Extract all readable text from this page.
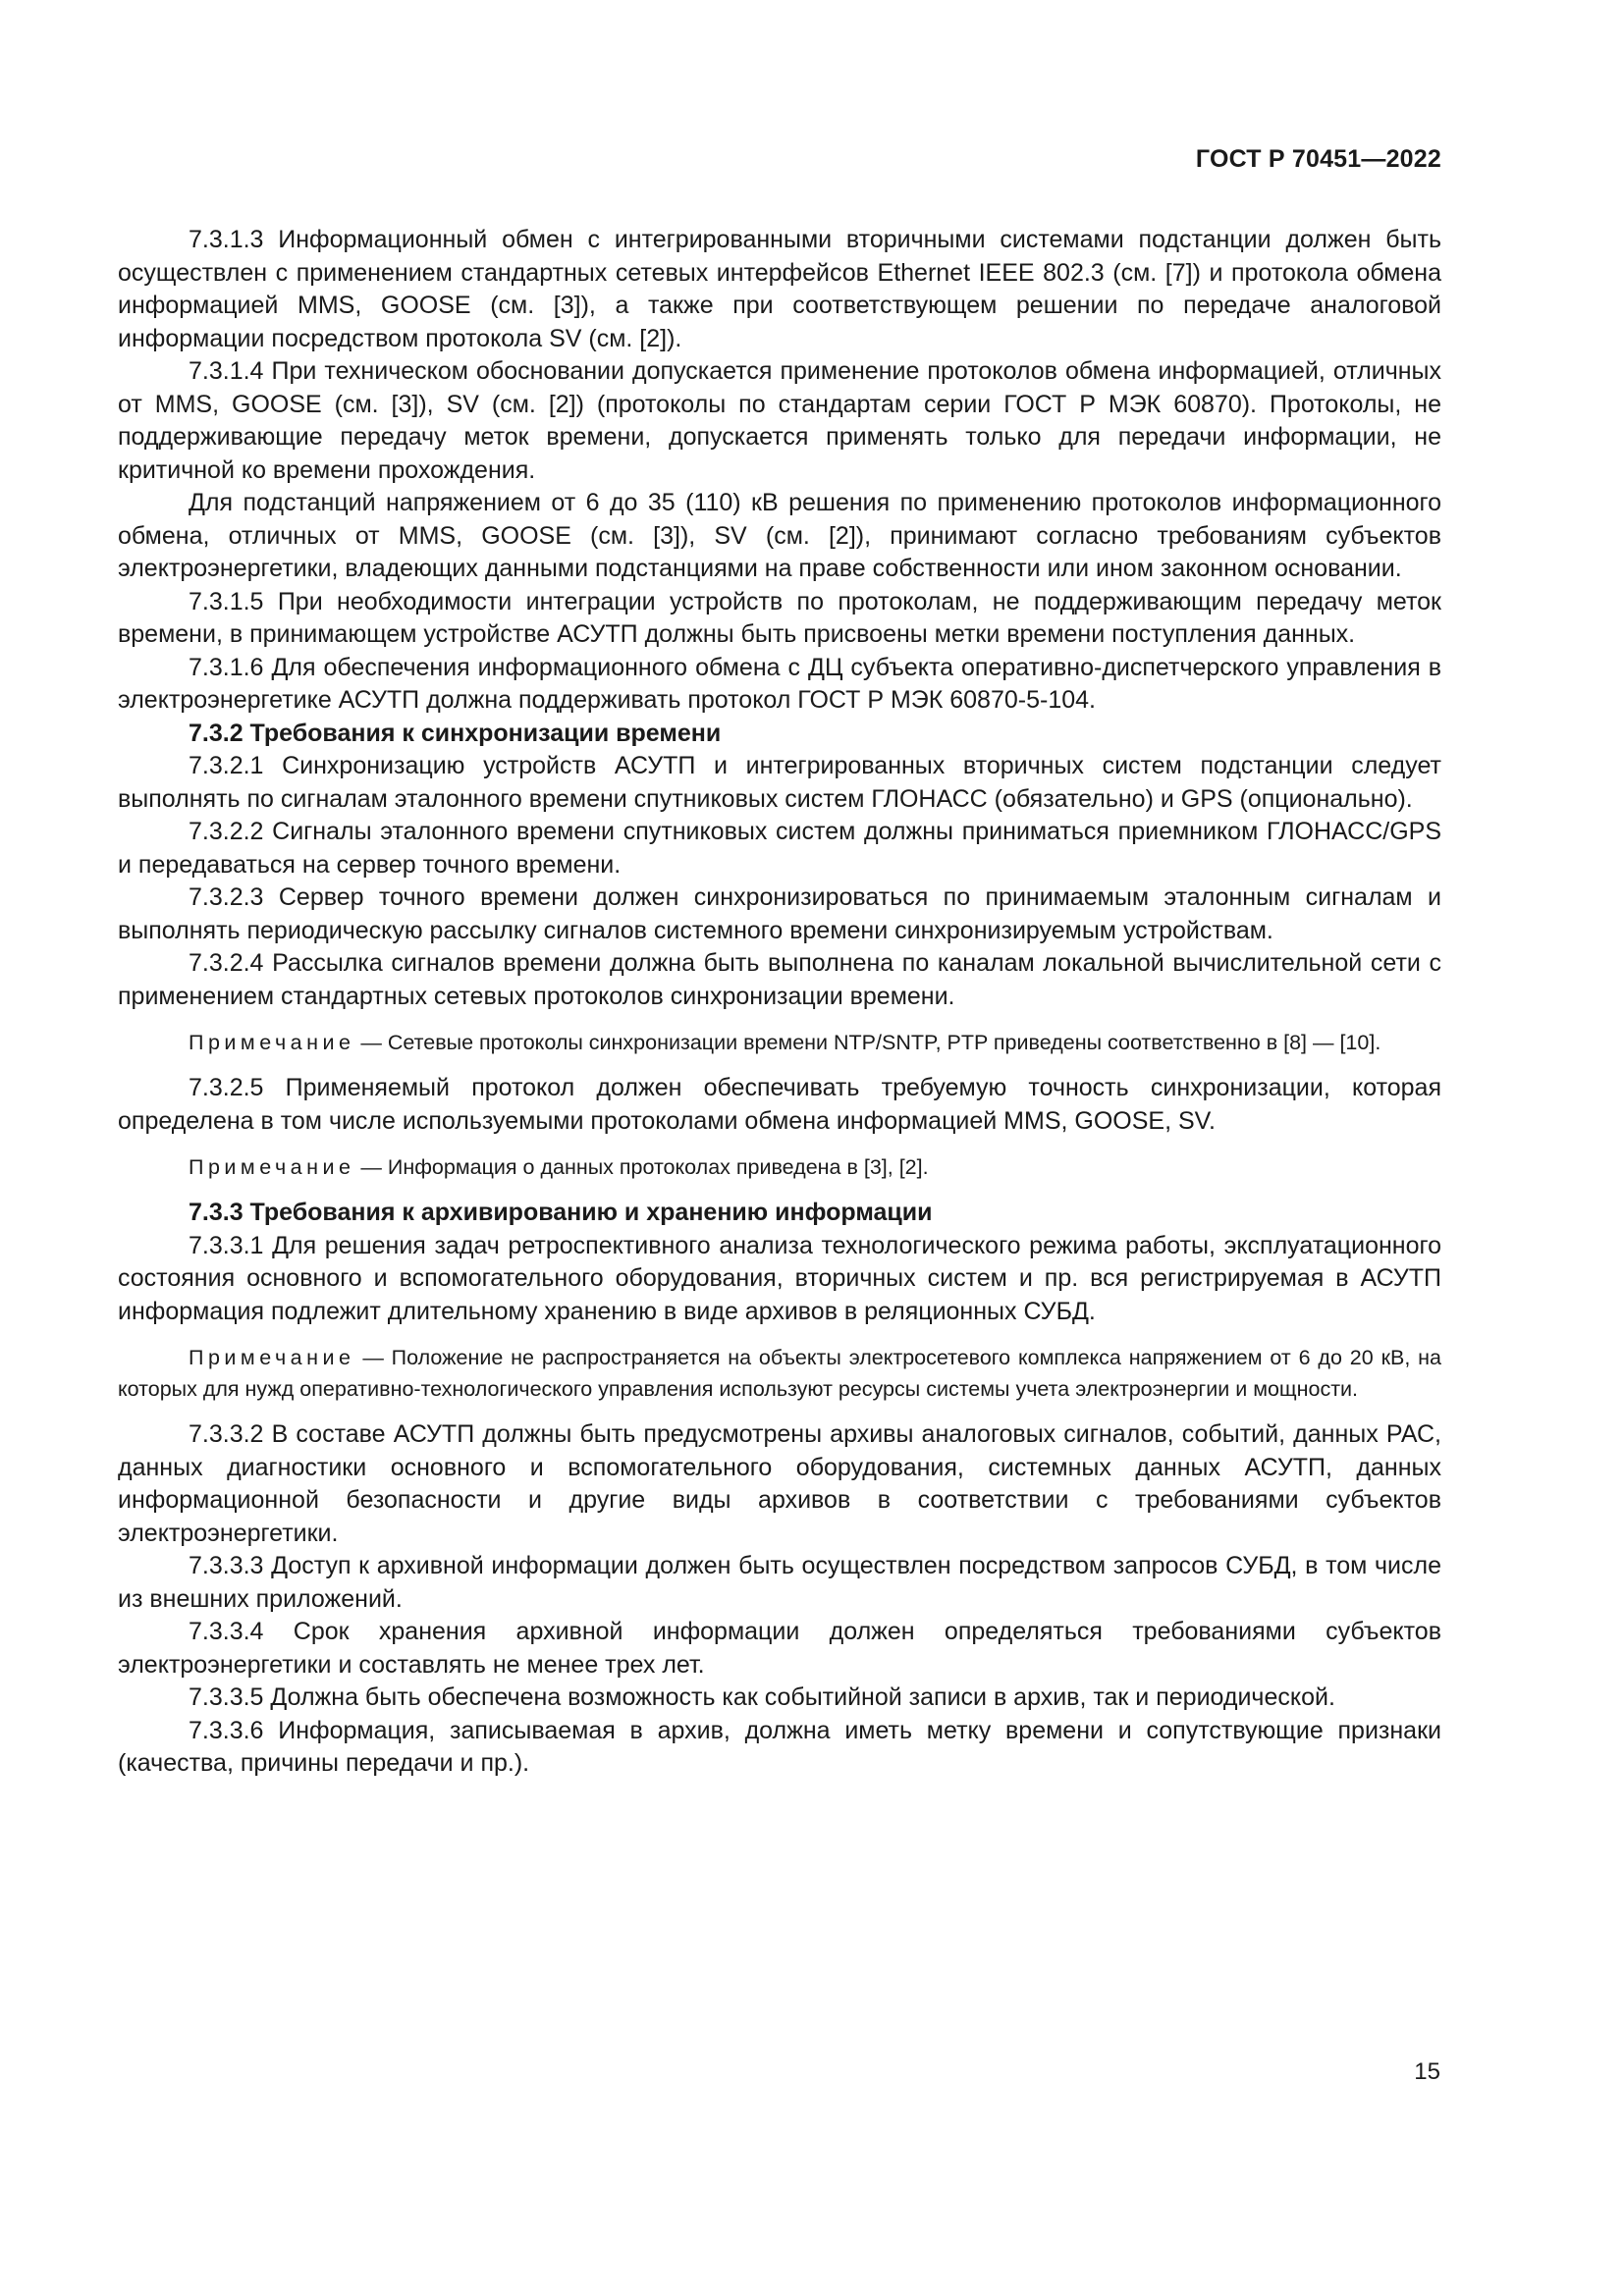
ГОСТ Р 70451—2022

7.3.1.3 Информационный обмен с интегрированными вторичными системами подстанции должен быть осуществлен с применением стандартных сетевых интерфейсов Ethernet IEEE 802.3 (см. [7]) и протокола обмена информацией MMS, GOOSE (см. [3]), а также при соответствующем решении по передаче аналоговой информации посредством протокола SV (см. [2]).

7.3.1.4 При техническом обосновании допускается применение протоколов обмена информацией, отличных от MMS, GOOSE (см. [3]), SV (см. [2]) (протоколы по стандартам серии ГОСТ Р МЭК 60870). Протоколы, не поддерживающие передачу меток времени, допускается применять только для передачи информации, не критичной ко времени прохождения.

Для подстанций напряжением от 6 до 35 (110) кВ решения по применению протоколов информационного обмена, отличных от MMS, GOOSE (см. [3]), SV (см. [2]), принимают согласно требованиям субъектов электроэнергетики, владеющих данными подстанциями на праве собственности или ином законном основании.

7.3.1.5 При необходимости интеграции устройств по протоколам, не поддерживающим передачу меток времени, в принимающем устройстве АСУТП должны быть присвоены метки времени поступления данных.

7.3.1.6 Для обеспечения информационного обмена с ДЦ субъекта оперативно-диспетчерского управления в электроэнергетике АСУТП должна поддерживать протокол ГОСТ Р МЭК 60870-5-104.

7.3.2 Требования к синхронизации времени

7.3.2.1 Синхронизацию устройств АСУТП и интегрированных вторичных систем подстанции следует выполнять по сигналам эталонного времени спутниковых систем ГЛОНАСС (обязательно) и GPS (опционально).

7.3.2.2 Сигналы эталонного времени спутниковых систем должны приниматься приемником ГЛОНАСС/GPS и передаваться на сервер точного времени.

7.3.2.3 Сервер точного времени должен синхронизироваться по принимаемым эталонным сигналам и выполнять периодическую рассылку сигналов системного времени синхронизируемым устройствам.

7.3.2.4 Рассылка сигналов времени должна быть выполнена по каналам локальной вычислительной сети с применением стандартных сетевых протоколов синхронизации времени.

Примечание — Сетевые протоколы синхронизации времени NTP/SNTP, PTP приведены соответственно в [8] — [10].

7.3.2.5 Применяемый протокол должен обеспечивать требуемую точность синхронизации, которая определена в том числе используемыми протоколами обмена информацией MMS, GOOSE, SV.

Примечание — Информация о данных протоколах приведена в [3], [2].

7.3.3 Требования к архивированию и хранению информации

7.3.3.1 Для решения задач ретроспективного анализа технологического режима работы, эксплуатационного состояния основного и вспомогательного оборудования, вторичных систем и пр. вся регистрируемая в АСУТП информация подлежит длительному хранению в виде архивов в реляционных СУБД.

Примечание — Положение не распространяется на объекты электросетевого комплекса напряжением от 6 до 20 кВ, на которых для нужд оперативно-технологического управления используют ресурсы системы учета электроэнергии и мощности.

7.3.3.2 В составе АСУТП должны быть предусмотрены архивы аналоговых сигналов, событий, данных РАС, данных диагностики основного и вспомогательного оборудования, системных данных АСУТП, данных информационной безопасности и другие виды архивов в соответствии с требованиями субъектов электроэнергетики.

7.3.3.3 Доступ к архивной информации должен быть осуществлен посредством запросов СУБД, в том числе из внешних приложений.

7.3.3.4 Срок хранения архивной информации должен определяться требованиями субъектов электроэнергетики и составлять не менее трех лет.

7.3.3.5 Должна быть обеспечена возможность как событийной записи в архив, так и периодической.

7.3.3.6 Информация, записываемая в архив, должна иметь метку времени и сопутствующие признаки (качества, причины передачи и пр.).

15
